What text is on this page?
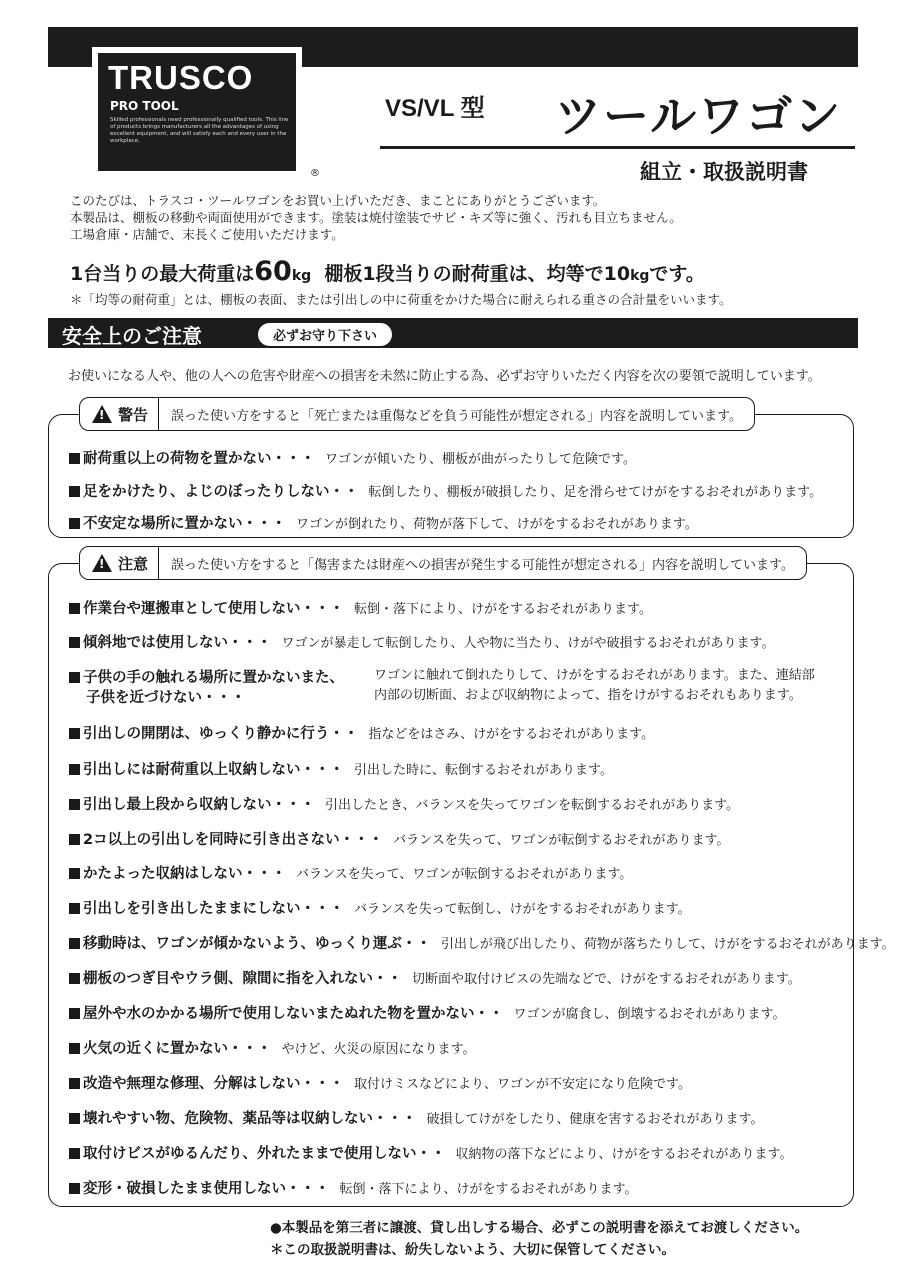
TRUSCO
PRO TOOL
Skilled professionals need professionally qualified tools. This line of products brings manufacturers all the advantages of using excellent equipment, and will satisfy each and every user in the workplace.
®
VS/VL 型 ツールワゴン
組立・取扱説明書
このたびは、トラスコ・ツールワゴンをお買い上げいただき、まことにありがとうございます。
本製品は、棚板の移動や両面使用ができます。塗装は焼付塗装でサビ・キズ等に強く、汚れも目立ちません。
工場倉庫・店舗で、末長くご使用いただけます。
1台当りの最大荷重は60kg 棚板1段当りの耐荷重は、均等で10kgです。
＊「均等の耐荷重」とは、棚板の表面、または引出しの中に荷重をかけた場合に耐えられる重さの合計量をいいます。
安全上のご注意	必ずお守り下さい
お使いになる人や、他の人への危害や財産への損害を未然に防止する為、必ずお守りいただく内容を次の要領で説明しています。
!
警告	誤った使い方をすると「死亡または重傷などを負う可能性が想定される」内容を説明しています。
耐荷重以上の荷物を置かない・・・ ワゴンが傾いたり、棚板が曲がったりして危険です。
足をかけたり、よじのぼったりしない・・ 転倒したり、棚板が破損したり、足を滑らせてけがをするおそれがあります。
不安定な場所に置かない・・・ ワゴンが倒れたり、荷物が落下して、けがをするおそれがあります。
!
注意	誤った使い方をすると「傷害または財産への損害が発生する可能性が想定される」内容を説明しています。
作業台や運搬車として使用しない・・・ 転倒・落下により、けがをするおそれがあります。
傾斜地では使用しない・・・ ワゴンが暴走して転倒したり、人や物に当たり、けがや破損するおそれがあります。
子供の手の触れる場所に置かないまた、
子供を近づけない・・・
ワゴンに触れて倒れたりして、けがをするおそれがあります。また、連結部
内部の切断面、および収納物によって、指をけがするおそれもあります。
引出しの開閉は、ゆっくり静かに行う・・ 指などをはさみ、けがをするおそれがあります。
引出しには耐荷重以上収納しない・・・ 引出した時に、転倒するおそれがあります。
引出し最上段から収納しない・・・ 引出したとき、バランスを失ってワゴンを転倒するおそれがあります。
2コ以上の引出しを同時に引き出さない・・・ バランスを失って、ワゴンが転倒するおそれがあります。
かたよった収納はしない・・・ バランスを失って、ワゴンが転倒するおそれがあります。
引出しを引き出したままにしない・・・ バランスを失って転倒し、けがをするおそれがあります。
移動時は、ワゴンが傾かないよう、ゆっくり運ぶ・・ 引出しが飛び出したり、荷物が落ちたりして、けがをするおそれがあります。
棚板のつぎ目やウラ側、隙間に指を入れない・・ 切断面や取付けビスの先端などで、けがをするおそれがあります。
屋外や水のかかる場所で使用しないまたぬれた物を置かない・・ ワゴンが腐食し、倒壊するおそれがあります。
火気の近くに置かない・・・ やけど、火災の原因になります。
改造や無理な修理、分解はしない・・・ 取付けミスなどにより、ワゴンが不安定になり危険です。
壊れやすい物、危険物、薬品等は収納しない・・・ 破損してけがをしたり、健康を害するおそれがあります。
取付けビスがゆるんだり、外れたままで使用しない・・ 収納物の落下などにより、けがをするおそれがあります。
変形・破損したまま使用しない・・・ 転倒・落下により、けがをするおそれがあります。
●本製品を第三者に譲渡、貸し出しする場合、必ずこの説明書を添えてお渡しください。
＊この取扱説明書は、紛失しないよう、大切に保管してください。
